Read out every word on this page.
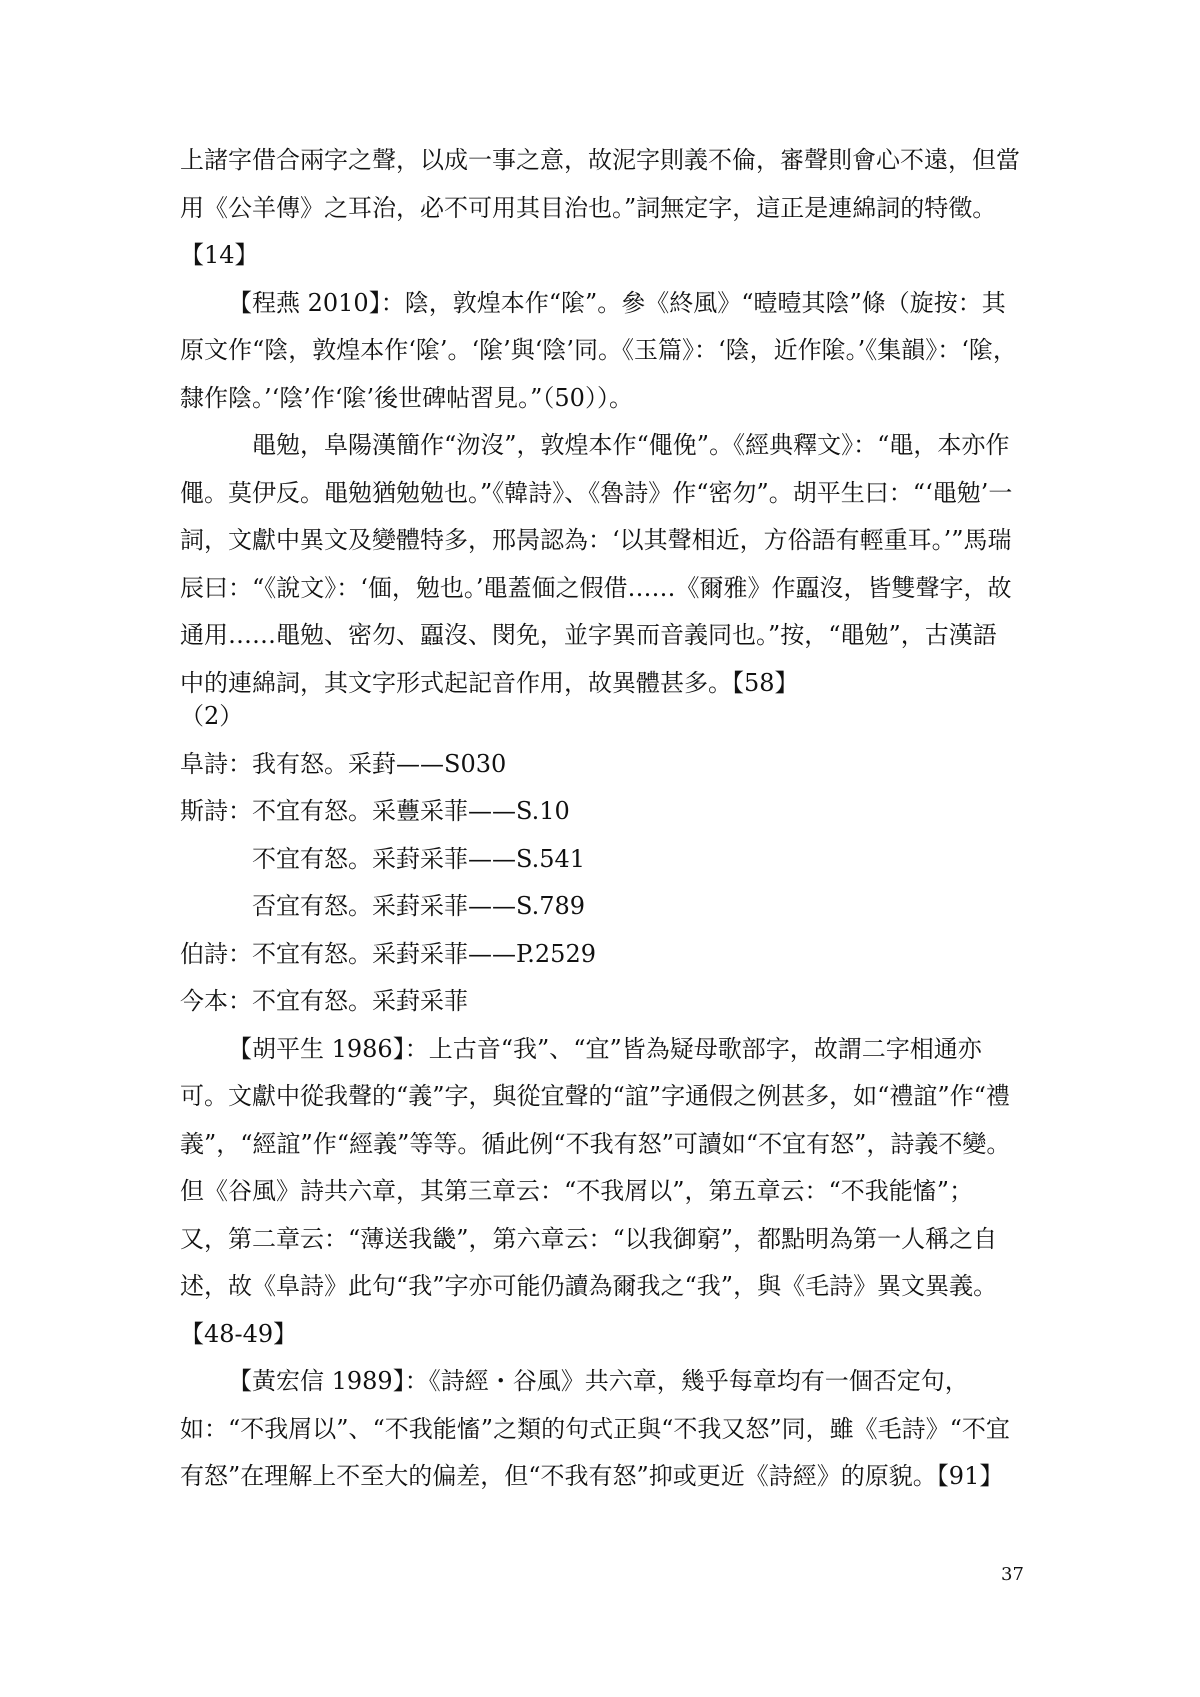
上諸字借合兩字之聲，以成一事之意，故泥字則義不倫，審聲則會心不遠，但當用《公羊傳》之耳治，必不可用其目治也。”詞無定字，這正是連綿詞的特徵。【14】

【程燕 2010】：陰，敦煌本作“隂”。參《終風》“曀曀其陰”條（旋按：其原文作“陰，敦煌本作‘隂’。‘隂’與‘陰’同。《玉篇》：‘陰，近作隂。’《集韻》：‘隂，隸作陰。’‘陰’作‘隂’後世碑帖習見。”（50））。

黽勉，阜陽漢簡作“沕沒”，敦煌本作“僶俛”。《經典釋文》：“黽，本亦作僶。莫伊反。黽勉猶勉勉也。”《韓詩》、《魯詩》作“密勿”。胡平生曰：“‘黽勉’一詞，文獻中異文及變體特多，邢昺認為：‘以其聲相近，方俗語有輕重耳。’”馬瑞辰曰：“《說文》：‘偭，勉也。’黽蓋偭之假借……《爾雅》作蠠沒，皆雙聲字，故通用……黽勉、密勿、蠠沒、閔免，並字異而音義同也。”按，“黽勉”，古漢語中的連綿詞，其文字形式起記音作用，故異體甚多。【58】

（2）
阜詩：我有怒。采葑——S030
斯詩：不宜有怒。采蘴采菲——S.10
不宜有怒。采葑采菲——S.541
否宜有怒。采葑采菲——S.789
伯詩：不宜有怒。采葑采菲——P.2529
今本：不宜有怒。采葑采菲

【胡平生 1986】：上古音“我”、“宜”皆為疑母歌部字，故謂二字相通亦可。文獻中從我聲的“義”字，與從宜聲的“誼”字通假之例甚多，如“禮誼”作“禮義”，“經誼”作“經義”等等。循此例“不我有怒”可讀如“不宜有怒”，詩義不變。但《谷風》詩共六章，其第三章云：“不我屑以”，第五章云：“不我能慉”；又，第二章云：“薄送我畿”，第六章云：“以我御窮”，都點明為第一人稱之自述，故《阜詩》此句“我”字亦可能仍讀為爾我之“我”，與《毛詩》異文異義。【48-49】

【黃宏信 1989】：《詩經・谷風》共六章，幾乎每章均有一個否定句，如：“不我屑以”、“不我能慉”之類的句式正與“不我又怒”同，雖《毛詩》“不宜有怒”在理解上不至大的偏差，但“不我有怒”抑或更近《詩經》的原貌。【91】

37
